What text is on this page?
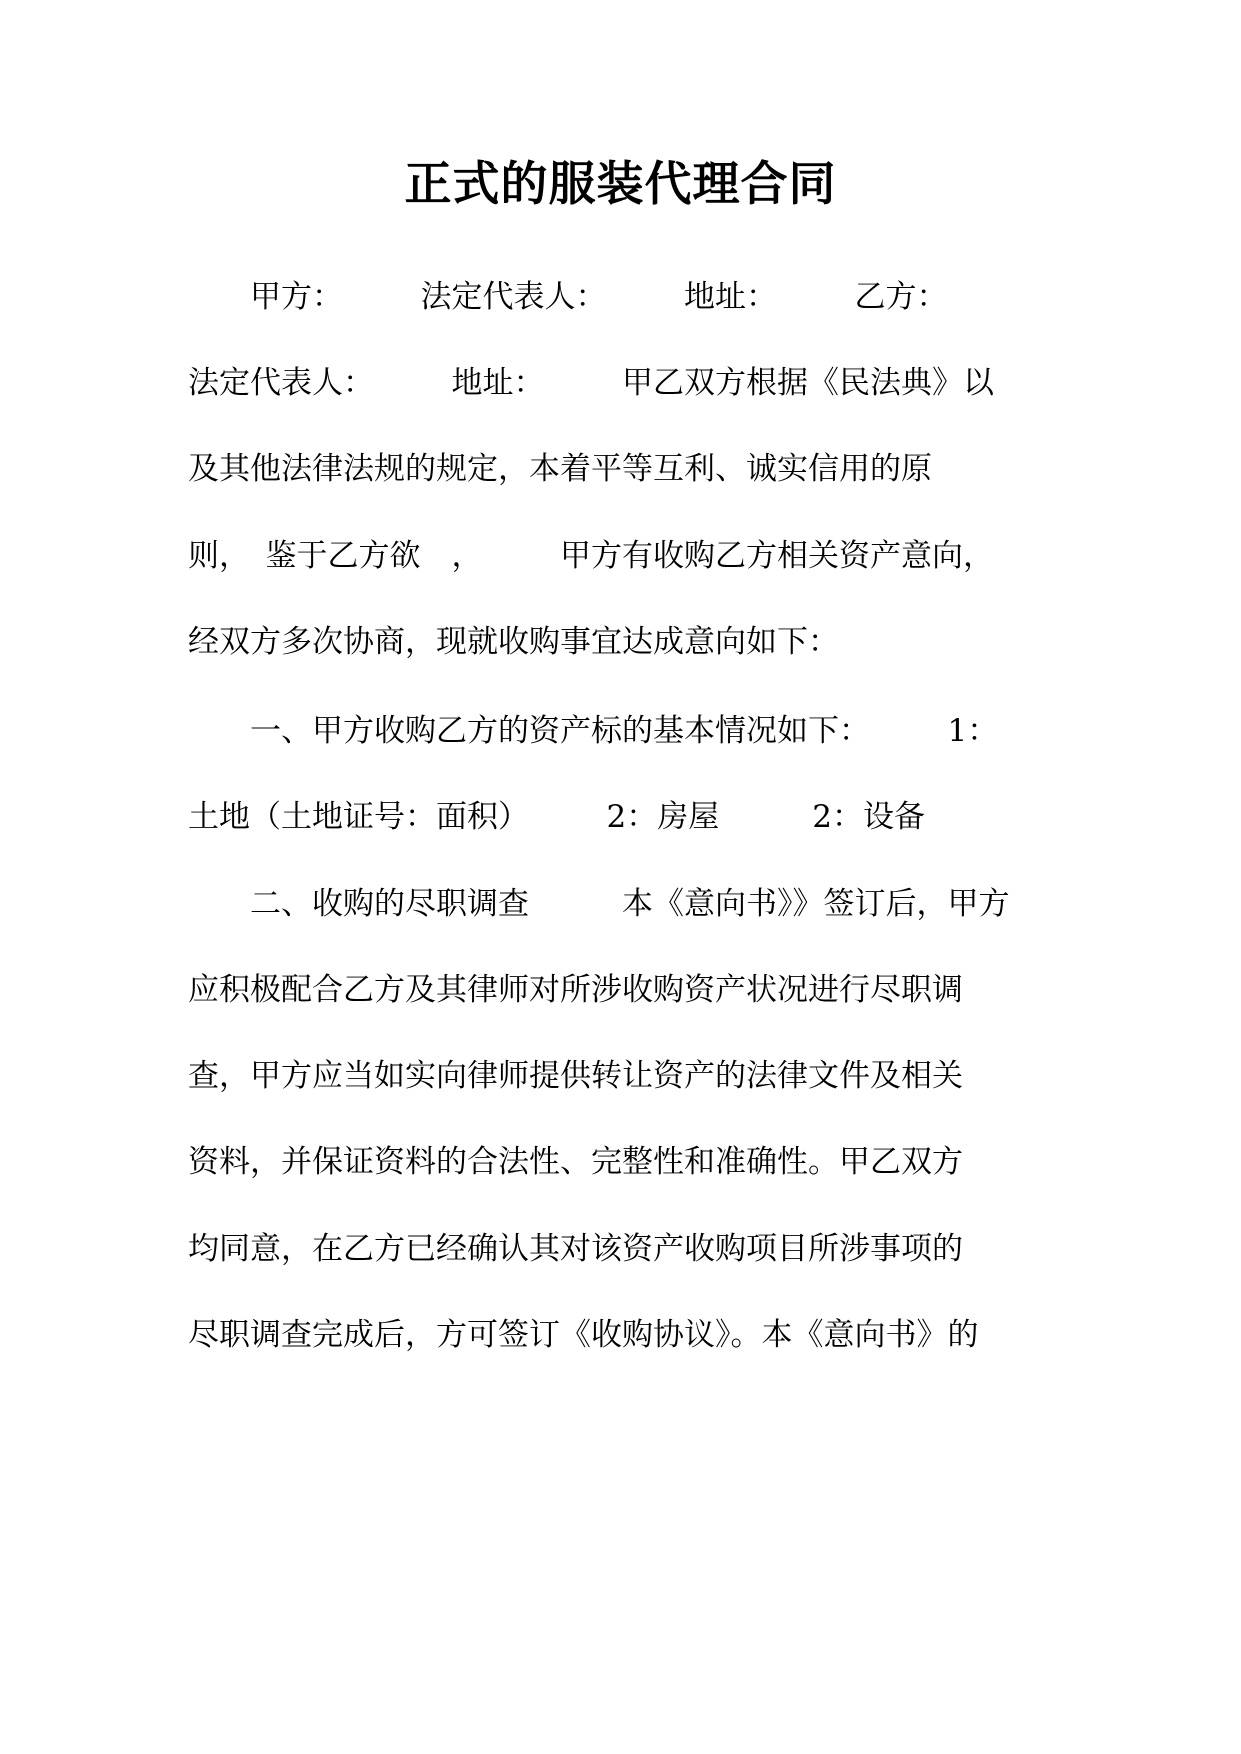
正式的服装代理合同
　　甲方：　　　法定代表人：　　　地址：　　　乙方：
法定代表人：　　　地址：　　　甲乙双方根据《民法典》以
及其他法律法规的规定，本着平等互利、诚实信用的原
则，　鉴于乙方欲　，　　　甲方有收购乙方相关资产意向，
经双方多次协商，现就收购事宜达成意向如下：
　　一、甲方收购乙方的资产标的基本情况如下：　　　1：
土地（土地证号：面积）　　　2：房屋　　　2：设备
　　二、收购的尽职调查　　　本《意向书》》签订后，甲方
应积极配合乙方及其律师对所涉收购资产状况进行尽职调
查，甲方应当如实向律师提供转让资产的法律文件及相关
资料，并保证资料的合法性、完整性和准确性。甲乙双方
均同意，在乙方已经确认其对该资产收购项目所涉事项的
尽职调查完成后，方可签订《收购协议》。本《意向书》的
